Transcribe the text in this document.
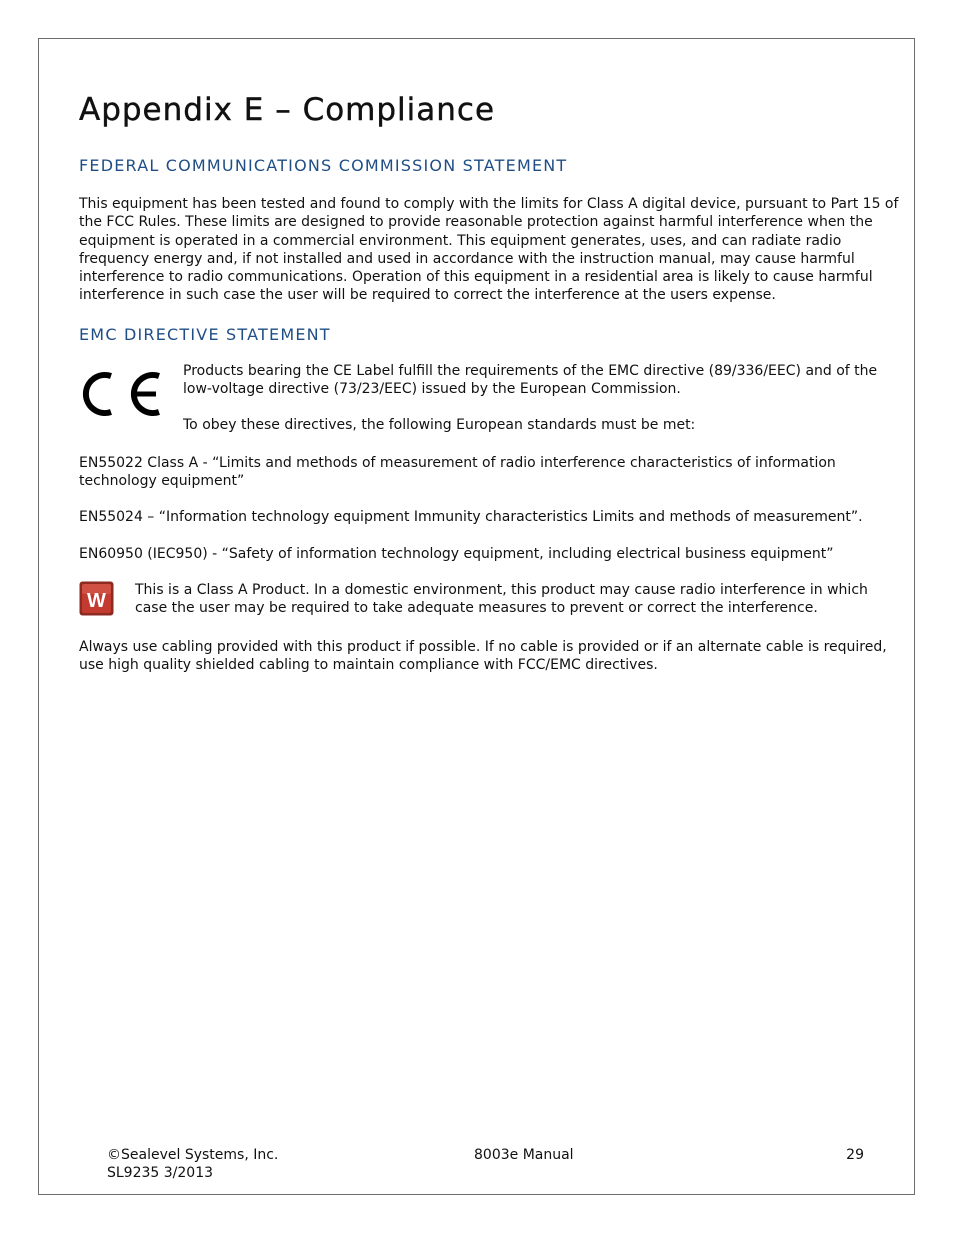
Appendix E – Compliance
FEDERAL COMMUNICATIONS COMMISSION STATEMENT

This equipment has been tested and found to comply with the limits for Class A digital device, pursuant to Part 15 of the FCC Rules. These limits are designed to provide reasonable protection against harmful interference when the equipment is operated in a commercial environment. This equipment generates, uses, and can radiate radio frequency energy and, if not installed and used in accordance with the instruction manual, may cause harmful interference to radio communications. Operation of this equipment in a residential area is likely to cause harmful interference in such case the user will be required to correct the interference at the users expense.

EMC DIRECTIVE STATEMENT

Products bearing the CE Label fulfill the requirements of the EMC directive (89/336/EEC) and of the low-voltage directive (73/23/EEC) issued by the European Commission.

To obey these directives, the following European standards must be met:

EN55022 Class A - “Limits and methods of measurement of radio interference characteristics of information technology equipment”

EN55024 – “Information technology equipment Immunity characteristics Limits and methods of measurement”.

EN60950 (IEC950) - “Safety of information technology equipment, including electrical business equipment”

W This is a Class A Product. In a domestic environment, this product may cause radio interference in which case the user may be required to take adequate measures to prevent or correct the interference.

Always use cabling provided with this product if possible. If no cable is provided or if an alternate cable is required, use high quality shielded cabling to maintain compliance with FCC/EMC directives.

©Sealevel Systems, Inc.
SL9235 3/2013
8003e Manual	29
